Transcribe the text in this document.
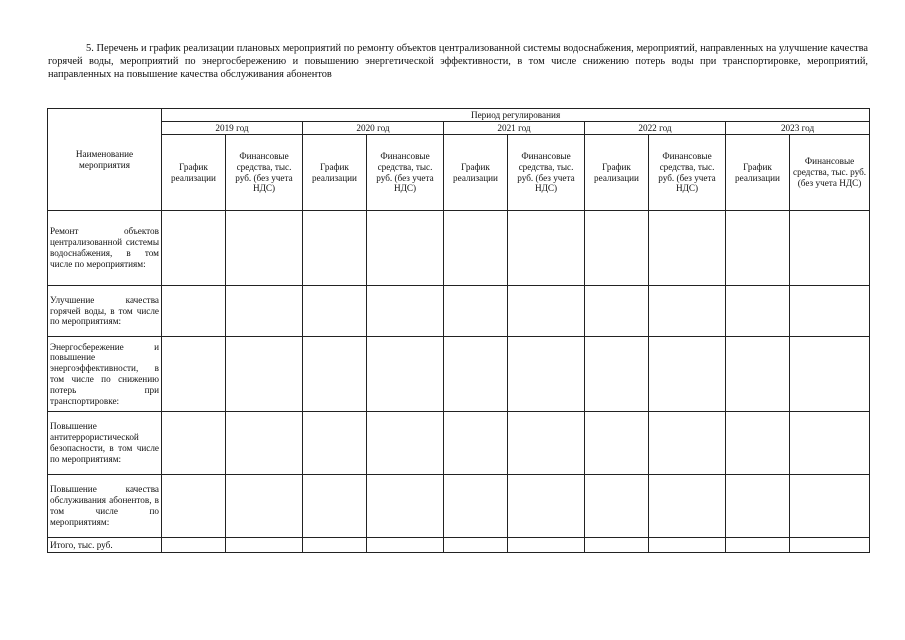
5. Перечень и график реализации плановых мероприятий по ремонту объектов централизованной системы водоснабжения, мероприятий, направленных на улучшение качества горячей воды, мероприятий по энергосбережению и повышению энергетической эффективности, в том числе снижению потерь воды при транспортировке, мероприятий, направленных на повышение качества обслуживания абонентов

Наименование мероприятия	Период регулирования									
	2019 год		2020 год		2021 год		2022 год		2023 год	
	График реализации	Финансовые средства, тыс. руб. (без учета НДС)	График реализации	Финансовые средства, тыс. руб. (без учета НДС)	График реализации	Финансовые средства, тыс. руб. (без учета НДС)	График реализации	Финансовые средства, тыс. руб. (без учета НДС)	График реализации	Финансовые средства, тыс. руб. (без учета НДС)
Ремонт объектов централизованной системы водоснабжения, в том числе по мероприятиям:										
Улучшение качества горячей воды, в том числе по мероприятиям:										
Энергосбережение и повышение энергоэффективности, в том числе по снижению потерь при транспортировке:										
Повышение антитеррористической безопасности, в том числе по мероприятиям:										
Повышение качества обслуживания абонентов, в том числе по мероприятиям:										
Итого, тыс. руб.										
